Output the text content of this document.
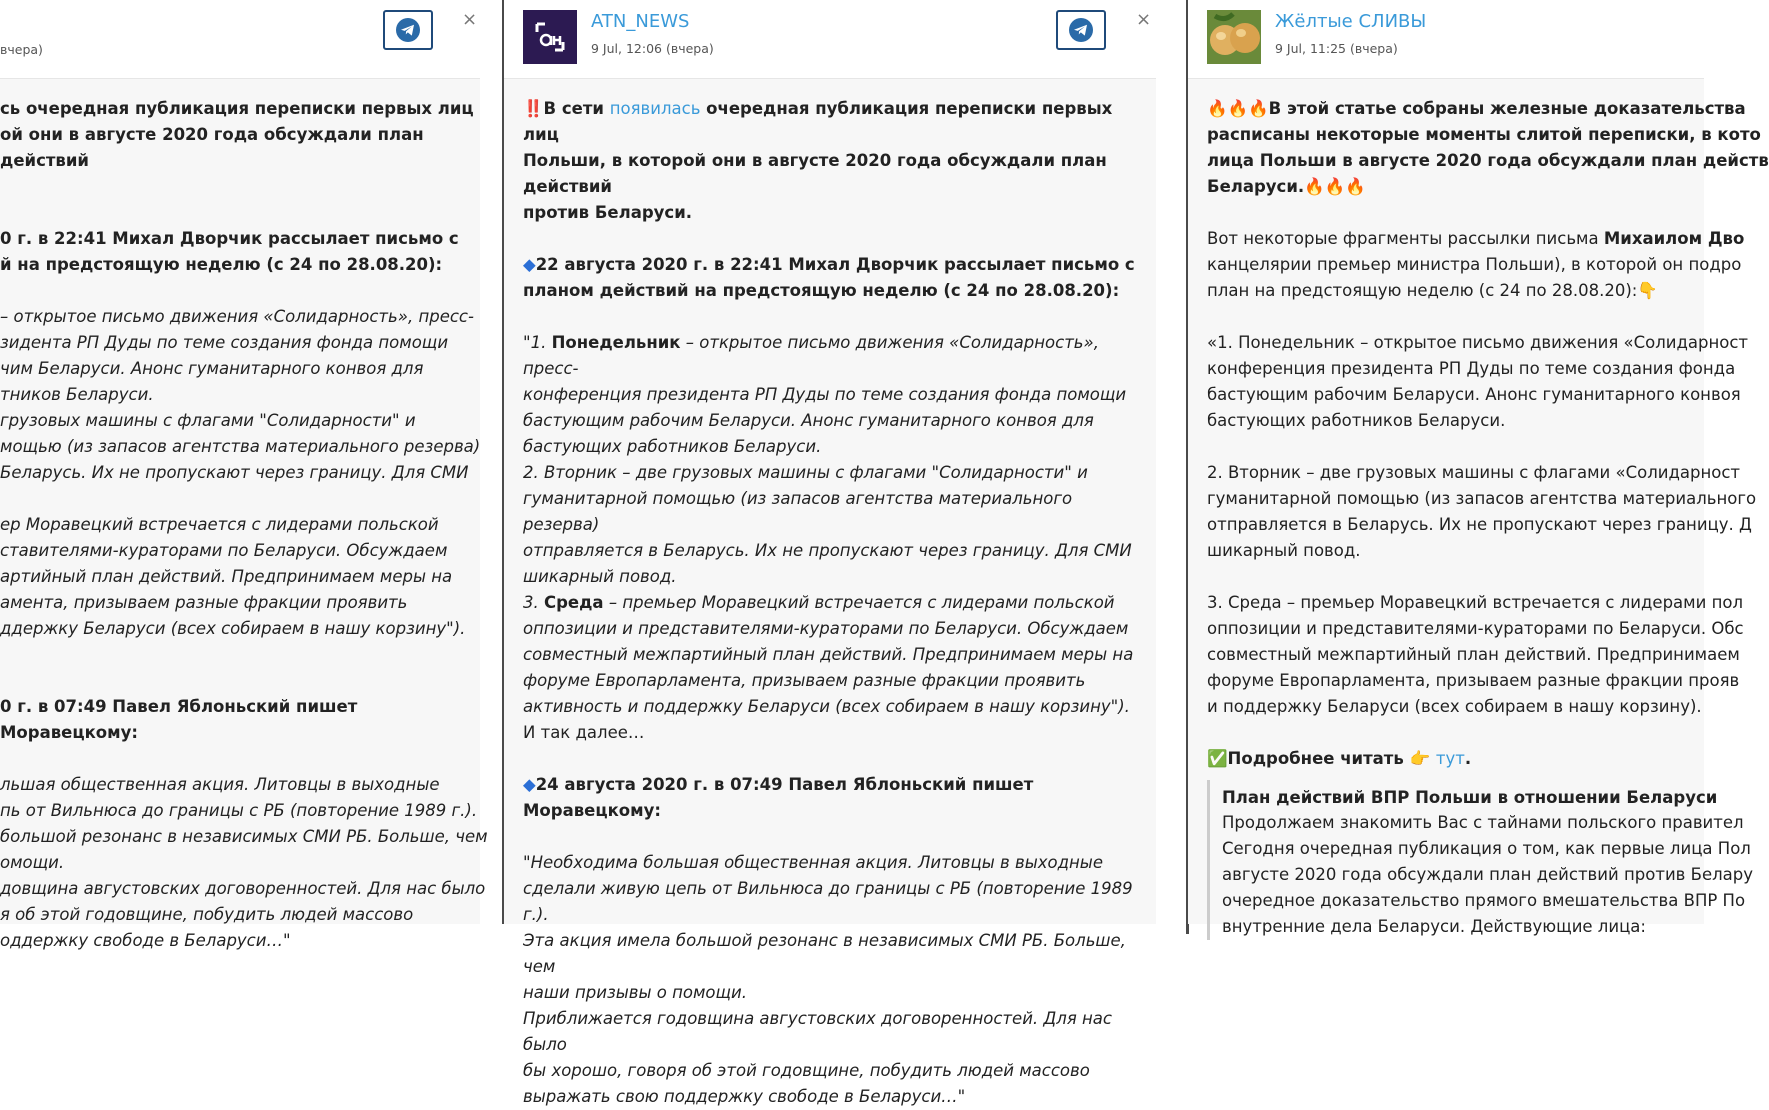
вчера)
×

сь очередная публикация переписки первых лиц

ой они в августе 2020 года обсуждали план действий

0 г. в 22:41 Михал Дворчик рассылает письмо с

й на предстоящую неделю (с 24 по 28.08.20):

– открытое письмо движения «Солидарность», пресс-

зидента РП Дуды по теме создания фонда помощи

чим Беларуси. Анонс гуманитарного конвоя для

тников Беларуси.

грузовых машины с флагами "Солидарности" и

мощью (из запасов агентства материального резерва)

Беларусь. Их не пропускают через границу. Для СМИ

ер Моравецкий встречается с лидерами польской

ставителями-кураторами по Беларуси. Обсуждаем

артийный план действий. Предпринимаем меры на

амента, призываем разные фракции проявить

ддержку Беларуси (всех собираем в нашу корзину").

0 г. в 07:49 Павел Яблоньский пишет Моравецкому:

льшая общественная акция. Литовцы в выходные

пь от Вильнюса до границы с РБ (повторение 1989 г.).

большой резонанс в независимых СМИ РБ. Больше, чем

омощи.

довщина августовских договоренностей. Для нас было

я об этой годовщине, побудить людей массово

оддержку свободе в Беларуси…"

ATN_NEWS
9 Jul, 12:06 (вчера)
×

‼️В сети появилась очередная публикация переписки первых лиц

Польши, в которой они в августе 2020 года обсуждали план действий

против Беларуси.

◆22 августа 2020 г. в 22:41 Михал Дворчик рассылает письмо с

планом действий на предстоящую неделю (с 24 по 28.08.20):

"1. Понедельник – открытое письмо движения «Солидарность», пресс-

конференция президента РП Дуды по теме создания фонда помощи

бастующим рабочим Беларуси. Анонс гуманитарного конвоя для

бастующих работников Беларуси.

2. Вторник – две грузовых машины с флагами "Солидарности" и

гуманитарной помощью (из запасов агентства материального резерва)

отправляется в Беларусь. Их не пропускают через границу. Для СМИ

шикарный повод.

3. Среда – премьер Моравецкий встречается с лидерами польской

оппозиции и представителями-кураторами по Беларуси. Обсуждаем

совместный межпартийный план действий. Предпринимаем меры на

форуме Европарламента, призываем разные фракции проявить

активность и поддержку Беларуси (всех собираем в нашу корзину").

И так далее…

◆24 августа 2020 г. в 07:49 Павел Яблоньский пишет Моравецкому:

"Необходима большая общественная акция. Литовцы в выходные

сделали живую цепь от Вильнюса до границы с РБ (повторение 1989 г.).

Эта акция имела большой резонанс в независимых СМИ РБ. Больше, чем

наши призывы о помощи.

Приближается годовщина августовских договоренностей. Для нас было

бы хорошо, говоря об этой годовщине, побудить людей массово

выражать свою поддержку свободе в Беларуси…"

Жёлтые СЛИВЫ
9 Jul, 11:25 (вчера)

🔥🔥🔥В этой статье собраны железные доказательства

расписаны некоторые моменты слитой переписки, в кото

лица Польши в августе 2020 года обсуждали план действ

Беларуси.🔥🔥🔥

Вот некоторые фрагменты рассылки письма Михаилом Дво

канцелярии премьер министра Польши), в которой он подро

план на предстоящую неделю (с 24 по 28.08.20):👇

«1. Понедельник – открытое письмо движения «Солидарност

конференция президента РП Дуды по теме создания фонда

бастующим рабочим Беларуси. Анонс гуманитарного конвоя

бастующих работников Беларуси.

2. Вторник – две грузовых машины с флагами «Солидарност

гуманитарной помощью (из запасов агентства материального

отправляется в Беларусь. Их не пропускают через границу. Д

шикарный повод.

3. Среда – премьер Моравецкий встречается с лидерами пол

оппозиции и представителями-кураторами по Беларуси. Обс

совместный межпартийный план действий. Предпринимаем

форуме Европарламента, призываем разные фракции прояв

и поддержку Беларуси (всех собираем в нашу корзину).

✅Подробнее читать 👉 тут.

План действий ВПР Польши в отношении Беларуси

Продолжаем знакомить Вас с тайнами польского правител

Сегодня очередная публикация о том, как первые лица Пол

августе 2020 года обсуждали план действий против Белару

очередное доказательство прямого вмешательства ВПР По

внутренние дела Беларуси. Действующие лица:
